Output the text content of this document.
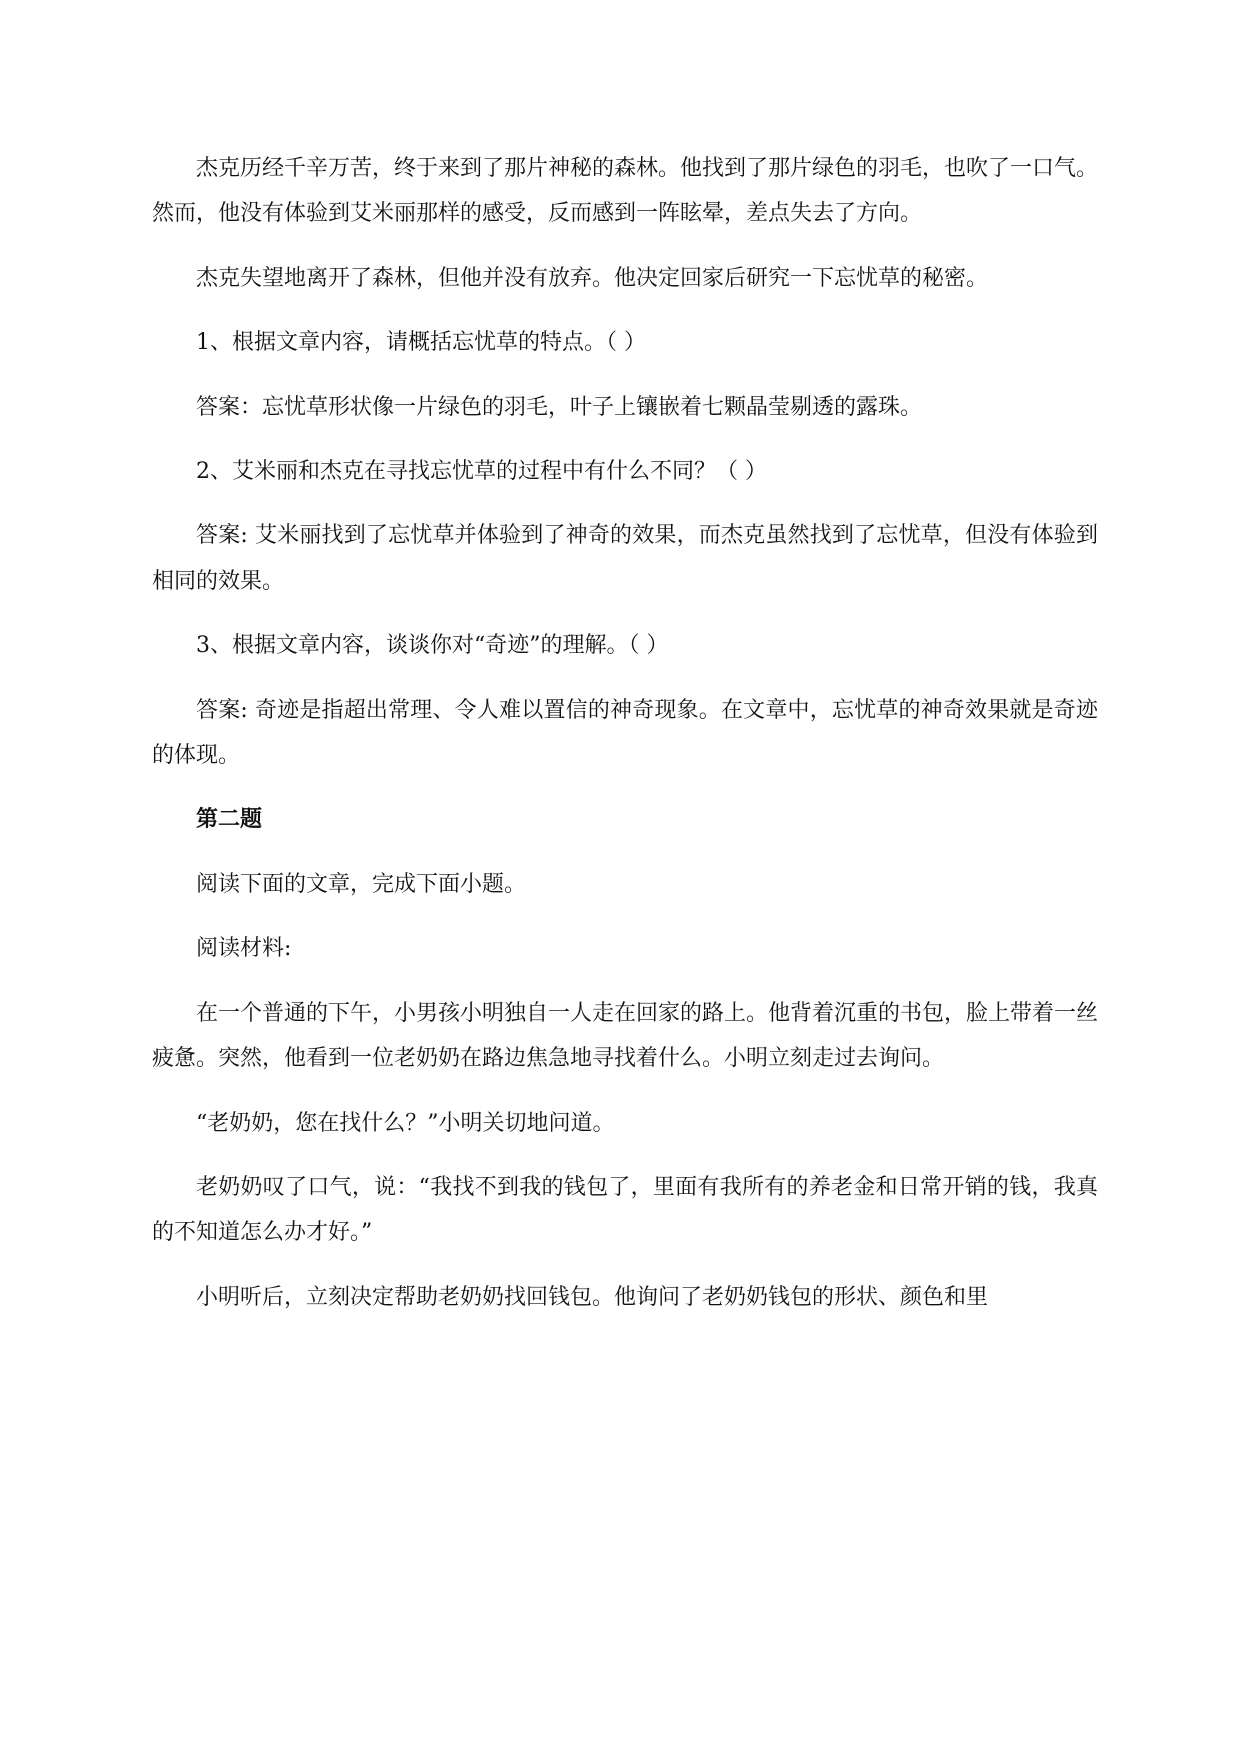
杰克历经千辛万苦，终于来到了那片神秘的森林。他找到了那片绿色的羽毛，也吹了一口气。然而，他没有体验到艾米丽那样的感受，反而感到一阵眩晕，差点失去了方向。

杰克失望地离开了森林，但他并没有放弃。他决定回家后研究一下忘忧草的秘密。

1、根据文章内容，请概括忘忧草的特点。（ ）

答案：忘忧草形状像一片绿色的羽毛，叶子上镶嵌着七颗晶莹剔透的露珠。

2、艾米丽和杰克在寻找忘忧草的过程中有什么不同？（ ）

答案: 艾米丽找到了忘忧草并体验到了神奇的效果，而杰克虽然找到了忘忧草，但没有体验到相同的效果。

3、根据文章内容，谈谈你对“奇迹”的理解。（ ）

答案: 奇迹是指超出常理、令人难以置信的神奇现象。在文章中，忘忧草的神奇效果就是奇迹的体现。

第二题

阅读下面的文章，完成下面小题。

阅读材料:

在一个普通的下午，小男孩小明独自一人走在回家的路上。他背着沉重的书包，脸上带着一丝疲惫。突然，他看到一位老奶奶在路边焦急地寻找着什么。小明立刻走过去询问。

“老奶奶，您在找什么？”小明关切地问道。

老奶奶叹了口气，说：“我找不到我的钱包了，里面有我所有的养老金和日常开销的钱，我真的不知道怎么办才好。”

小明听后，立刻决定帮助老奶奶找回钱包。他询问了老奶奶钱包的形状、颜色和里
